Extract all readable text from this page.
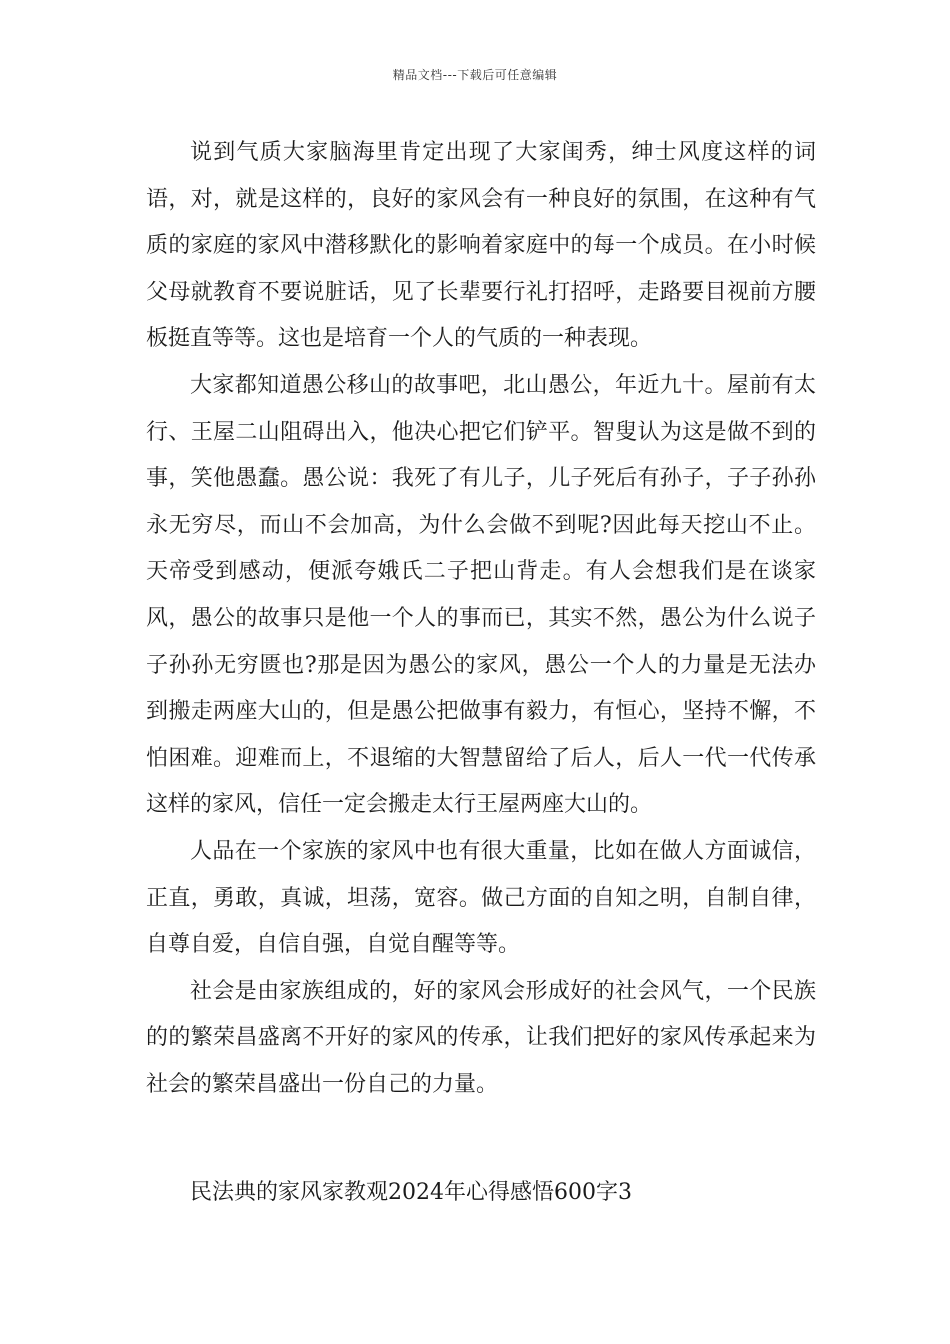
精品文档---下载后可任意编辑

说到气质大家脑海里肯定出现了大家闺秀，绅士风度这样的词语，对，就是这样的，良好的家风会有一种良好的氛围，在这种有气质的家庭的家风中潜移默化的影响着家庭中的每一个成员。在小时候父母就教育不要说脏话，见了长辈要行礼打招呼，走路要目视前方腰板挺直等等。这也是培育一个人的气质的一种表现。

大家都知道愚公移山的故事吧，北山愚公，年近九十。屋前有太行、王屋二山阻碍出入，他决心把它们铲平。智叟认为这是做不到的事，笑他愚蠢。愚公说：我死了有儿子，儿子死后有孙子，子子孙孙永无穷尽，而山不会加高，为什么会做不到呢?因此每天挖山不止。天帝受到感动，便派夸娥氏二子把山背走。有人会想我们是在谈家风，愚公的故事只是他一个人的事而已，其实不然，愚公为什么说子子孙孙无穷匮也?那是因为愚公的家风，愚公一个人的力量是无法办到搬走两座大山的，但是愚公把做事有毅力，有恒心，坚持不懈，不怕困难。迎难而上，不退缩的大智慧留给了后人，后人一代一代传承这样的家风，信任一定会搬走太行王屋两座大山的。

人品在一个家族的家风中也有很大重量，比如在做人方面诚信，正直，勇敢，真诚，坦荡，宽容。做己方面的自知之明，自制自律，自尊自爱，自信自强，自觉自醒等等。

社会是由家族组成的，好的家风会形成好的社会风气，一个民族的的繁荣昌盛离不开好的家风的传承，让我们把好的家风传承起来为社会的繁荣昌盛出一份自己的力量。

民法典的家风家教观2024年心得感悟600字3
